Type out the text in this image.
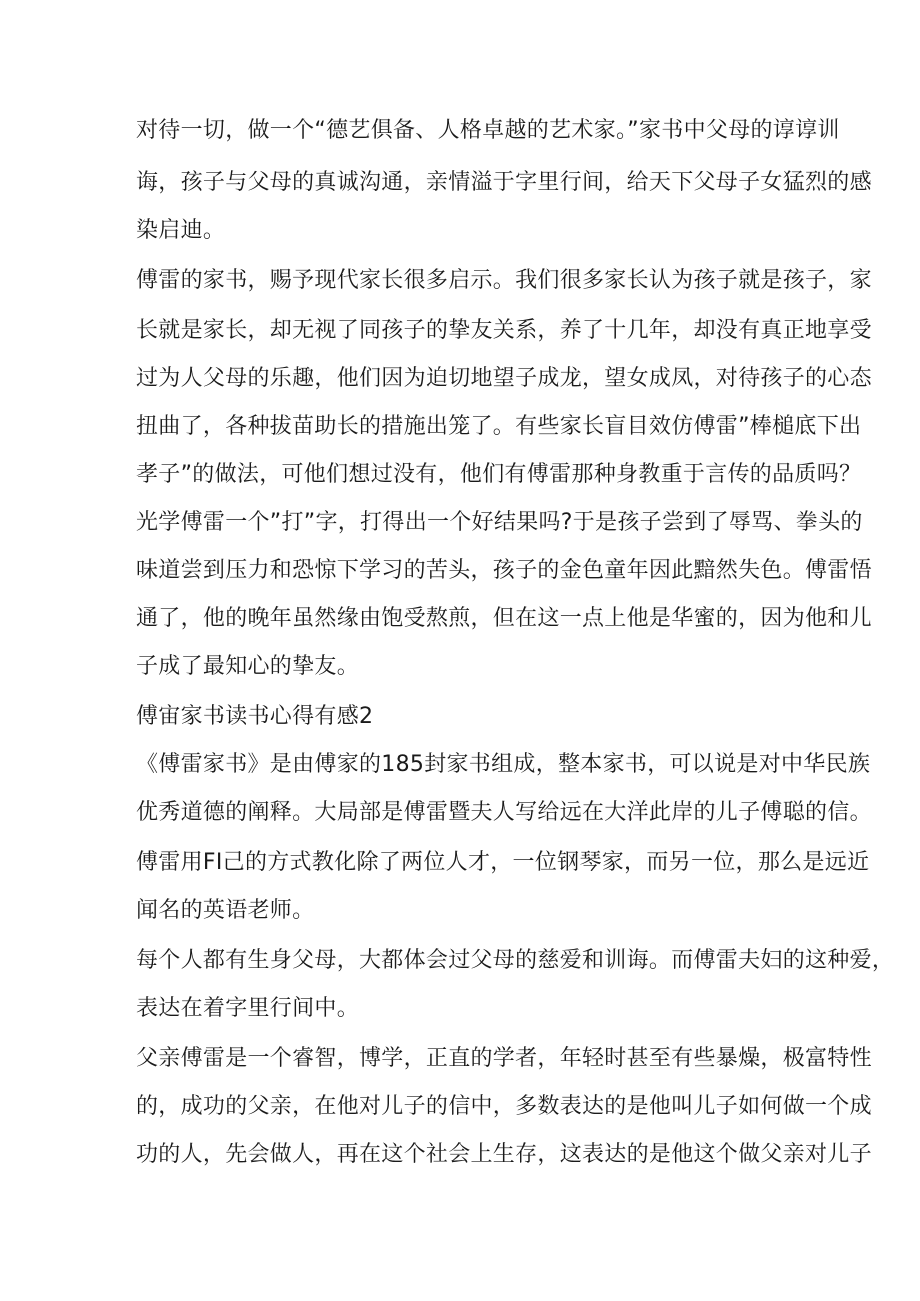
对待一切，做一个“德艺俱备、人格卓越的艺术家。”家书中父母的谆谆训
诲，孩子与父母的真诚沟通，亲情溢于字里行间，给天下父母子女猛烈的感
染启迪。
傅雷的家书，赐予现代家长很多启示。我们很多家长认为孩子就是孩子，家
长就是家长，却无视了同孩子的挚友关系，养了十几年，却没有真正地享受
过为人父母的乐趣，他们因为迫切地望子成龙，望女成凤，对待孩子的心态
扭曲了，各种拔苗助长的措施出笼了。有些家长盲目效仿傅雷”棒槌底下出
孝子”的做法，可他们想过没有，他们有傅雷那种身教重于言传的品质吗？
光学傅雷一个”打”字，打得出一个好结果吗?于是孩子尝到了辱骂、拳头的
味道尝到压力和恐惊下学习的苦头，孩子的金色童年因此黯然失色。傅雷悟
通了，他的晚年虽然缘由饱受熬煎，但在这一点上他是华蜜的，因为他和儿
子成了最知心的挚友。
傅宙家书读书心得有感2
《傅雷家书》是由傅家的185封家书组成，整本家书，可以说是对中华民族
优秀道德的阐释。大局部是傅雷暨夫人写给远在大洋此岸的儿子傅聪的信。
傅雷用FI己的方式教化除了两位人才，一位钢琴家，而另一位，那么是远近
闻名的英语老师。
每个人都有生身父母，大都体会过父母的慈爱和训诲。而傅雷夫妇的这种爱，
表达在着字里行间中。
父亲傅雷是一个睿智，博学，正直的学者，年轻时甚至有些暴燥，极富特性
的，成功的父亲，在他对儿子的信中，多数表达的是他叫儿子如何做一个成
功的人，先会做人，再在这个社会上生存，这表达的是他这个做父亲对儿子
